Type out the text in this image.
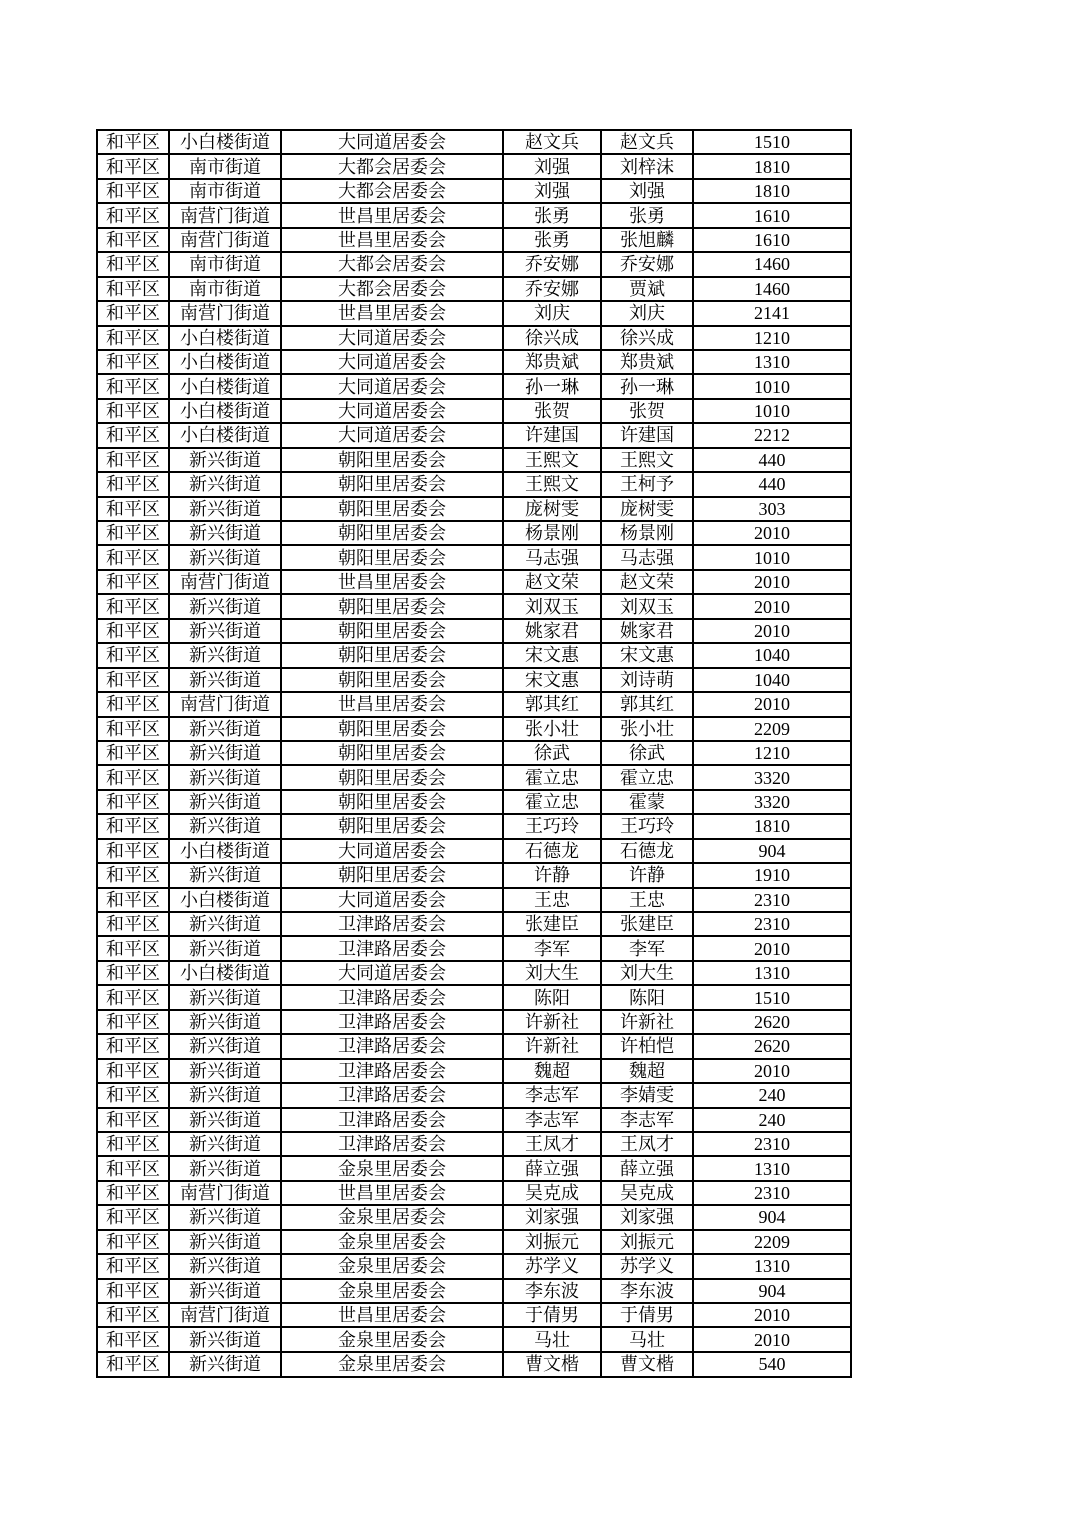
和平区	小白楼街道	大同道居委会	赵文兵	赵文兵	1510
和平区	南市街道	大都会居委会	刘强	刘梓沫	1810
和平区	南市街道	大都会居委会	刘强	刘强	1810
和平区	南营门街道	世昌里居委会	张勇	张勇	1610
和平区	南营门街道	世昌里居委会	张勇	张旭麟	1610
和平区	南市街道	大都会居委会	乔安娜	乔安娜	1460
和平区	南市街道	大都会居委会	乔安娜	贾斌	1460
和平区	南营门街道	世昌里居委会	刘庆	刘庆	2141
和平区	小白楼街道	大同道居委会	徐兴成	徐兴成	1210
和平区	小白楼街道	大同道居委会	郑贵斌	郑贵斌	1310
和平区	小白楼街道	大同道居委会	孙一琳	孙一琳	1010
和平区	小白楼街道	大同道居委会	张贺	张贺	1010
和平区	小白楼街道	大同道居委会	许建国	许建国	2212
和平区	新兴街道	朝阳里居委会	王熙文	王熙文	440
和平区	新兴街道	朝阳里居委会	王熙文	王柯予	440
和平区	新兴街道	朝阳里居委会	庞树雯	庞树雯	303
和平区	新兴街道	朝阳里居委会	杨景刚	杨景刚	2010
和平区	新兴街道	朝阳里居委会	马志强	马志强	1010
和平区	南营门街道	世昌里居委会	赵文荣	赵文荣	2010
和平区	新兴街道	朝阳里居委会	刘双玉	刘双玉	2010
和平区	新兴街道	朝阳里居委会	姚家君	姚家君	2010
和平区	新兴街道	朝阳里居委会	宋文惠	宋文惠	1040
和平区	新兴街道	朝阳里居委会	宋文惠	刘诗萌	1040
和平区	南营门街道	世昌里居委会	郭其红	郭其红	2010
和平区	新兴街道	朝阳里居委会	张小壮	张小壮	2209
和平区	新兴街道	朝阳里居委会	徐武	徐武	1210
和平区	新兴街道	朝阳里居委会	霍立忠	霍立忠	3320
和平区	新兴街道	朝阳里居委会	霍立忠	霍蒙	3320
和平区	新兴街道	朝阳里居委会	王巧玲	王巧玲	1810
和平区	小白楼街道	大同道居委会	石德龙	石德龙	904
和平区	新兴街道	朝阳里居委会	许静	许静	1910
和平区	小白楼街道	大同道居委会	王忠	王忠	2310
和平区	新兴街道	卫津路居委会	张建臣	张建臣	2310
和平区	新兴街道	卫津路居委会	李军	李军	2010
和平区	小白楼街道	大同道居委会	刘大生	刘大生	1310
和平区	新兴街道	卫津路居委会	陈阳	陈阳	1510
和平区	新兴街道	卫津路居委会	许新社	许新社	2620
和平区	新兴街道	卫津路居委会	许新社	许柏恺	2620
和平区	新兴街道	卫津路居委会	魏超	魏超	2010
和平区	新兴街道	卫津路居委会	李志军	李婧雯	240
和平区	新兴街道	卫津路居委会	李志军	李志军	240
和平区	新兴街道	卫津路居委会	王凤才	王凤才	2310
和平区	新兴街道	金泉里居委会	薛立强	薛立强	1310
和平区	南营门街道	世昌里居委会	吴克成	吴克成	2310
和平区	新兴街道	金泉里居委会	刘家强	刘家强	904
和平区	新兴街道	金泉里居委会	刘振元	刘振元	2209
和平区	新兴街道	金泉里居委会	苏学义	苏学义	1310
和平区	新兴街道	金泉里居委会	李东波	李东波	904
和平区	南营门街道	世昌里居委会	于倩男	于倩男	2010
和平区	新兴街道	金泉里居委会	马壮	马壮	2010
和平区	新兴街道	金泉里居委会	曹文楷	曹文楷	540
